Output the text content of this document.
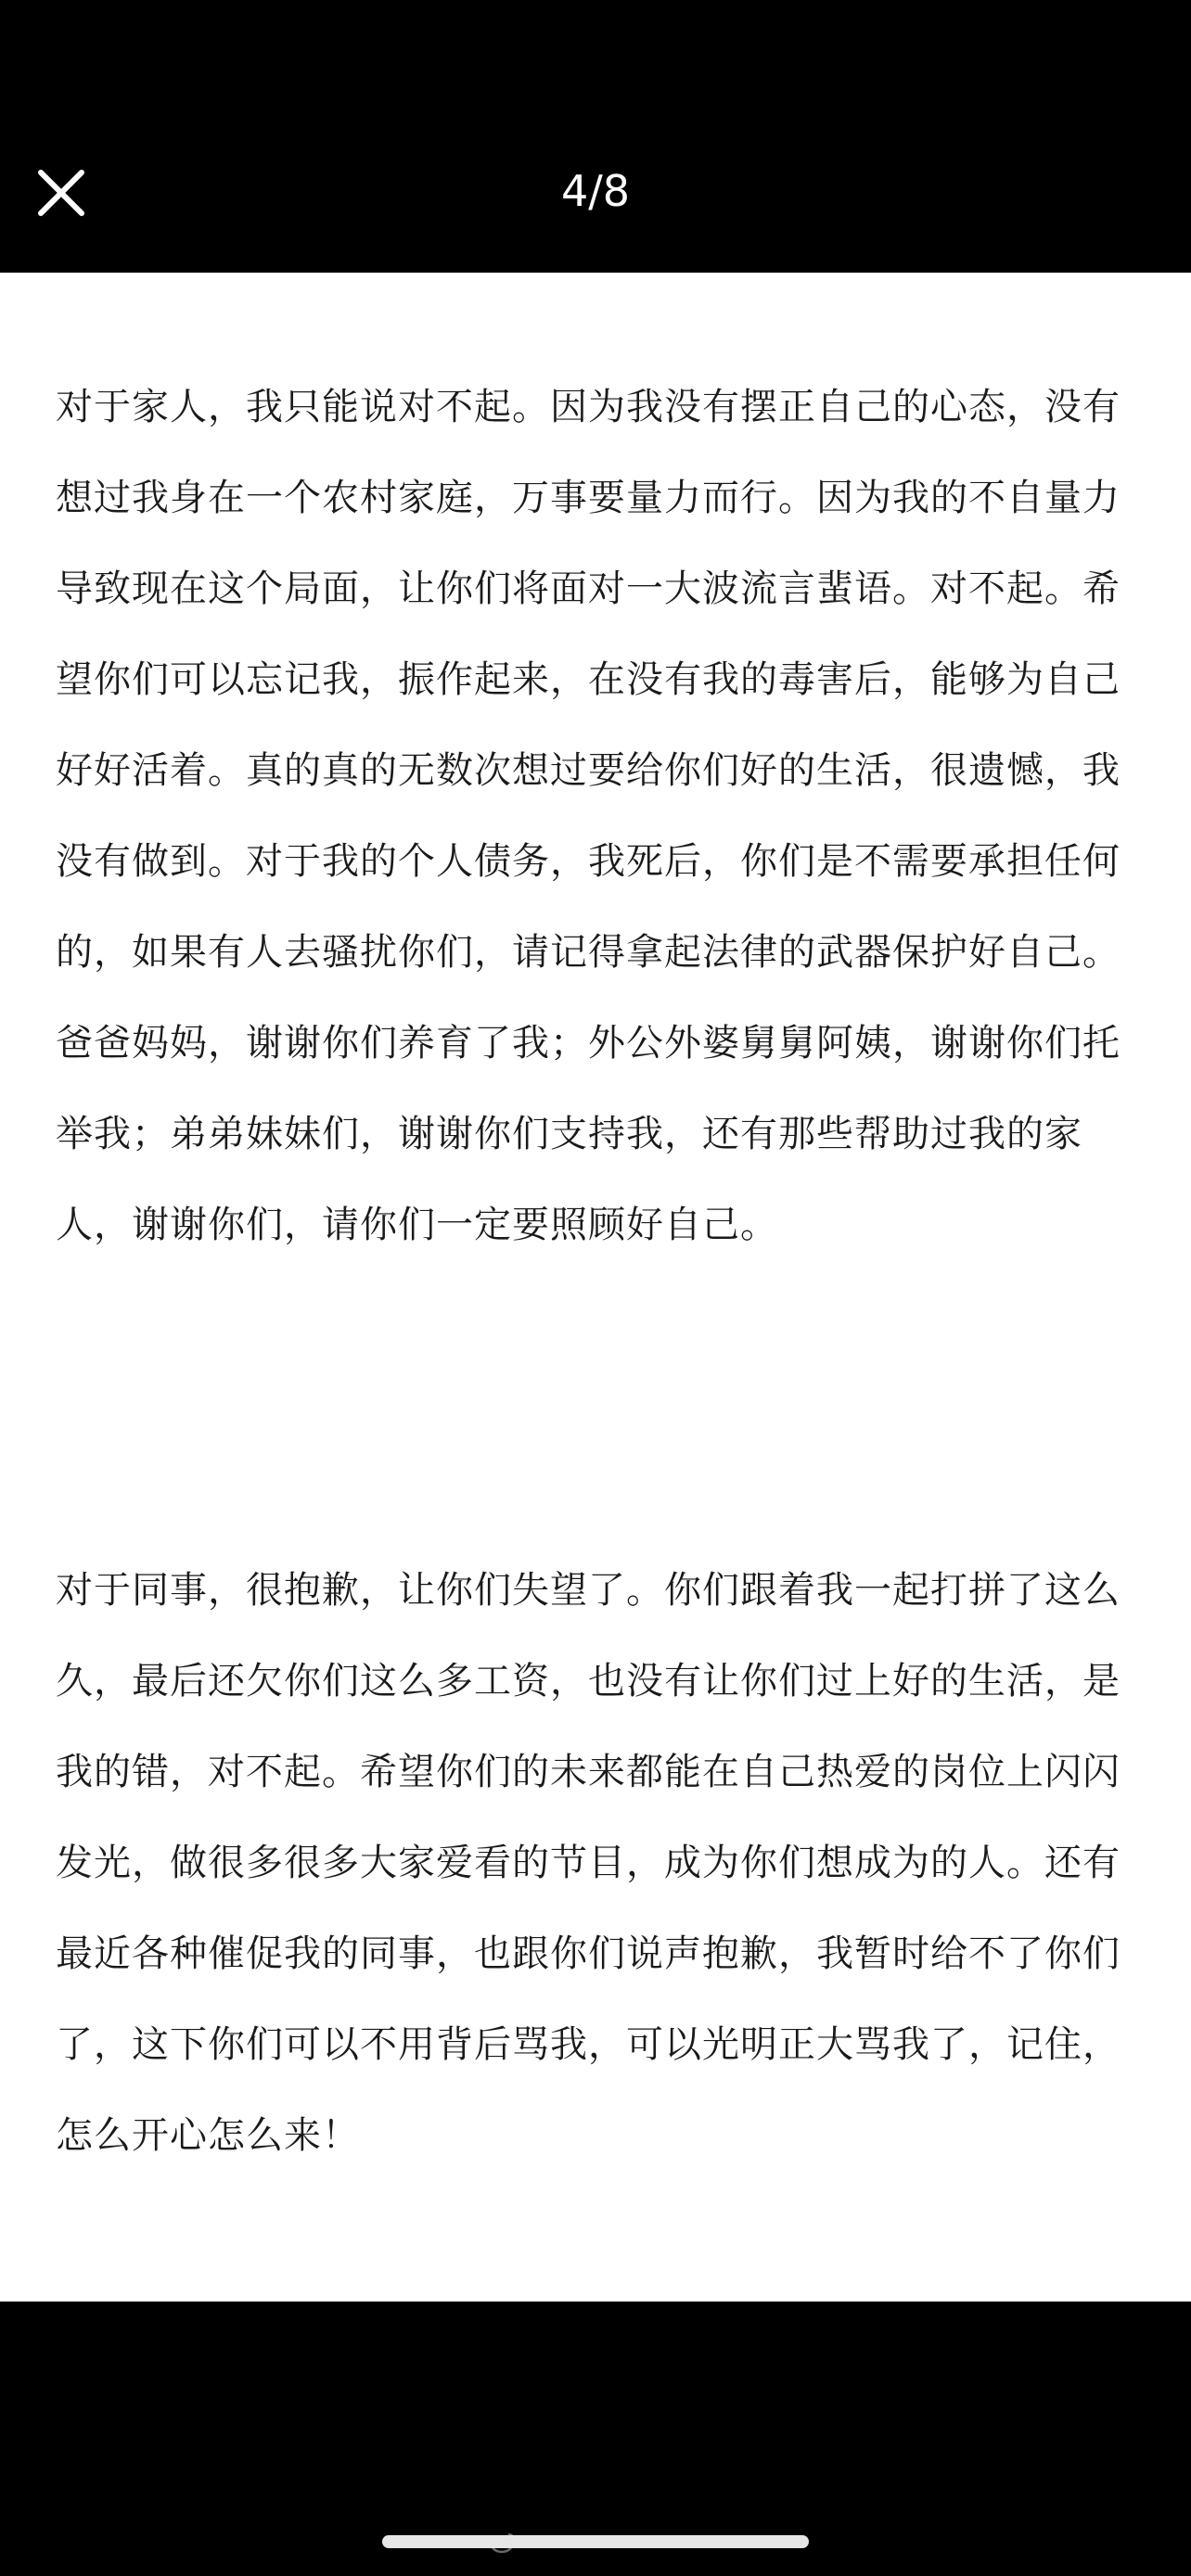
4/8

对于家人，我只能说对不起。因为我没有摆正自己的心态，没有想过我身在一个农村家庭，万事要量力而行。因为我的不自量力导致现在这个局面，让你们将面对一大波流言蜚语。对不起。希望你们可以忘记我，振作起来，在没有我的毒害后，能够为自己好好活着。真的真的无数次想过要给你们好的生活，很遗憾，我没有做到。对于我的个人债务，我死后，你们是不需要承担任何的，如果有人去骚扰你们，请记得拿起法律的武器保护好自己。爸爸妈妈，谢谢你们养育了我；外公外婆舅舅阿姨，谢谢你们托举我；弟弟妹妹们，谢谢你们支持我，还有那些帮助过我的家人，谢谢你们，请你们一定要照顾好自己。

对于同事，很抱歉，让你们失望了。你们跟着我一起打拼了这么久，最后还欠你们这么多工资，也没有让你们过上好的生活，是我的错，对不起。希望你们的未来都能在自己热爱的岗位上闪闪发光，做很多很多大家爱看的节目，成为你们想成为的人。还有最近各种催促我的同事，也跟你们说声抱歉，我暂时给不了你们了，这下你们可以不用背后骂我，可以光明正大骂我了，记住，怎么开心怎么来！
